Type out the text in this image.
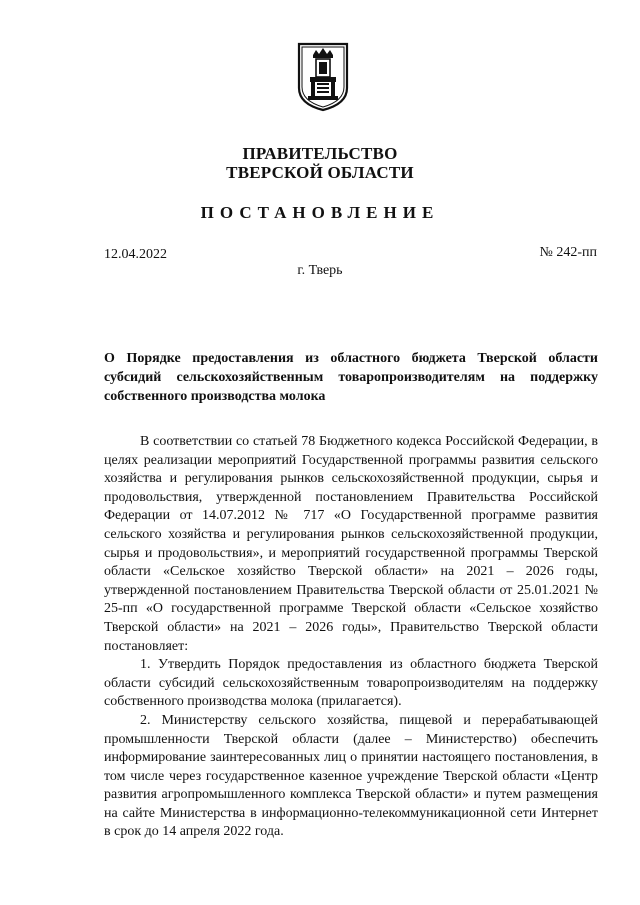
ПРАВИТЕЛЬСТВО
ТВЕРСКОЙ ОБЛАСТИ
ПОСТАНОВЛЕНИЕ
12.04.2022	№ 242-пп
г. Тверь
О Порядке предоставления из областного бюджета Тверской области субсидий сельскохозяйственным товаропроизводителям на поддержку собственного производства молока

В соответствии со статьей 78 Бюджетного кодекса Российской Федерации, в целях реализации мероприятий Государственной программы развития сельского хозяйства и регулирования рынков сельскохозяйственной продукции, сырья и продовольствия, утвержденной постановлением Правительства Российской Федерации от 14.07.2012 № 717 «О Государственной программе развития сельского хозяйства и регулирования рынков сельскохозяйственной продукции, сырья и продовольствия», и мероприятий государственной программы Тверской области «Сельское хозяйство Тверской области» на 2021 – 2026 годы, утвержденной постановлением Правительства Тверской области от 25.01.2021 № 25-пп «О государственной программе Тверской области «Сельское хозяйство Тверской области» на 2021 – 2026 годы», Правительство Тверской области постановляет:

1. Утвердить Порядок предоставления из областного бюджета Тверской области субсидий сельскохозяйственным товаропроизводителям на поддержку собственного производства молока (прилагается).

2. Министерству сельского хозяйства, пищевой и перерабатывающей промышленности Тверской области (далее – Министерство) обеспечить информирование заинтересованных лиц о принятии настоящего постановления, в том числе через государственное казенное учреждение Тверской области «Центр развития агропромышленного комплекса Тверской области» и путем размещения на сайте Министерства в информационно-телекоммуникационной сети Интернет в срок до 14 апреля 2022 года.
